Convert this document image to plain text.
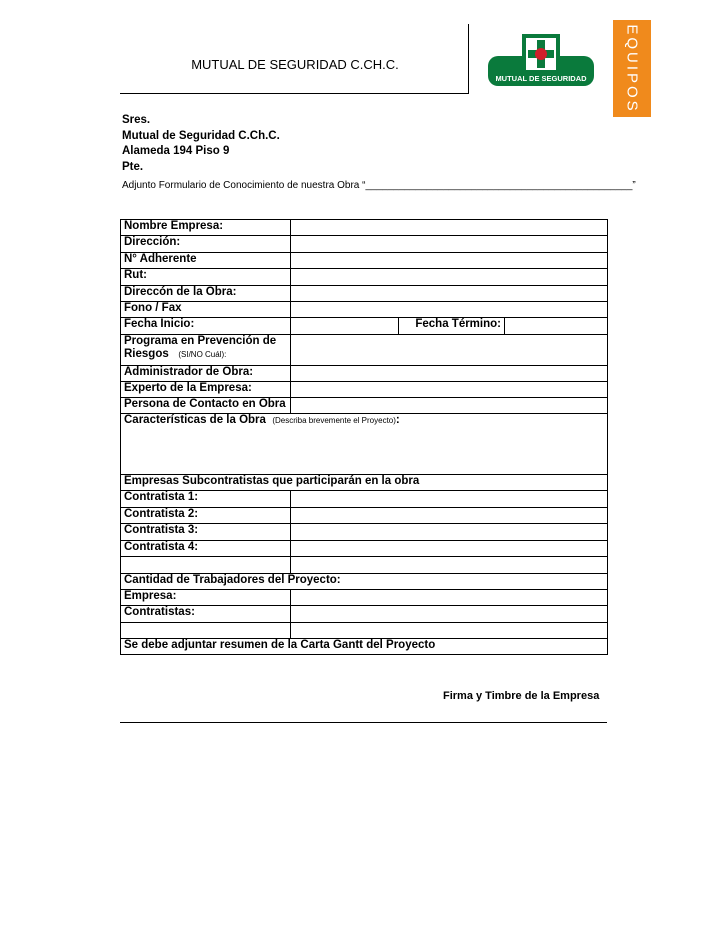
MUTUAL DE SEGURIDAD C.CH.C.
MUTUAL DE SEGURIDAD EQUIPOS
Sres.
Mutual de Seguridad C.Ch.C.
Alameda 194 Piso 9
Pte.
Adjunto Formulario de Conocimiento de nuestra Obra “________________________________________________”
Nombre Empresa:			
Dirección:			
N° Adherente			
Rut:			
Direccón de la Obra:			
Fono / Fax			
Fecha Inicio:		Fecha Término:	

Programa en Prevención de
Riesgos (SI/NO Cuál):			

Administrador de Obra:			
Experto de la Empresa:			
Persona de Contacto en Obra			
Características de la Obra (Describa brevemente el Proyecto):			
Empresas Subcontratistas que participarán en la obra			
Contratista 1:			
Contratista 2:			
Contratista 3:			
Contratista 4:			

Cantidad de Trabajadores del Proyecto:			
Empresa:			
Contratistas:			

Se debe adjuntar resumen de la Carta Gantt del Proyecto			
Firma y Timbre de la Empresa
